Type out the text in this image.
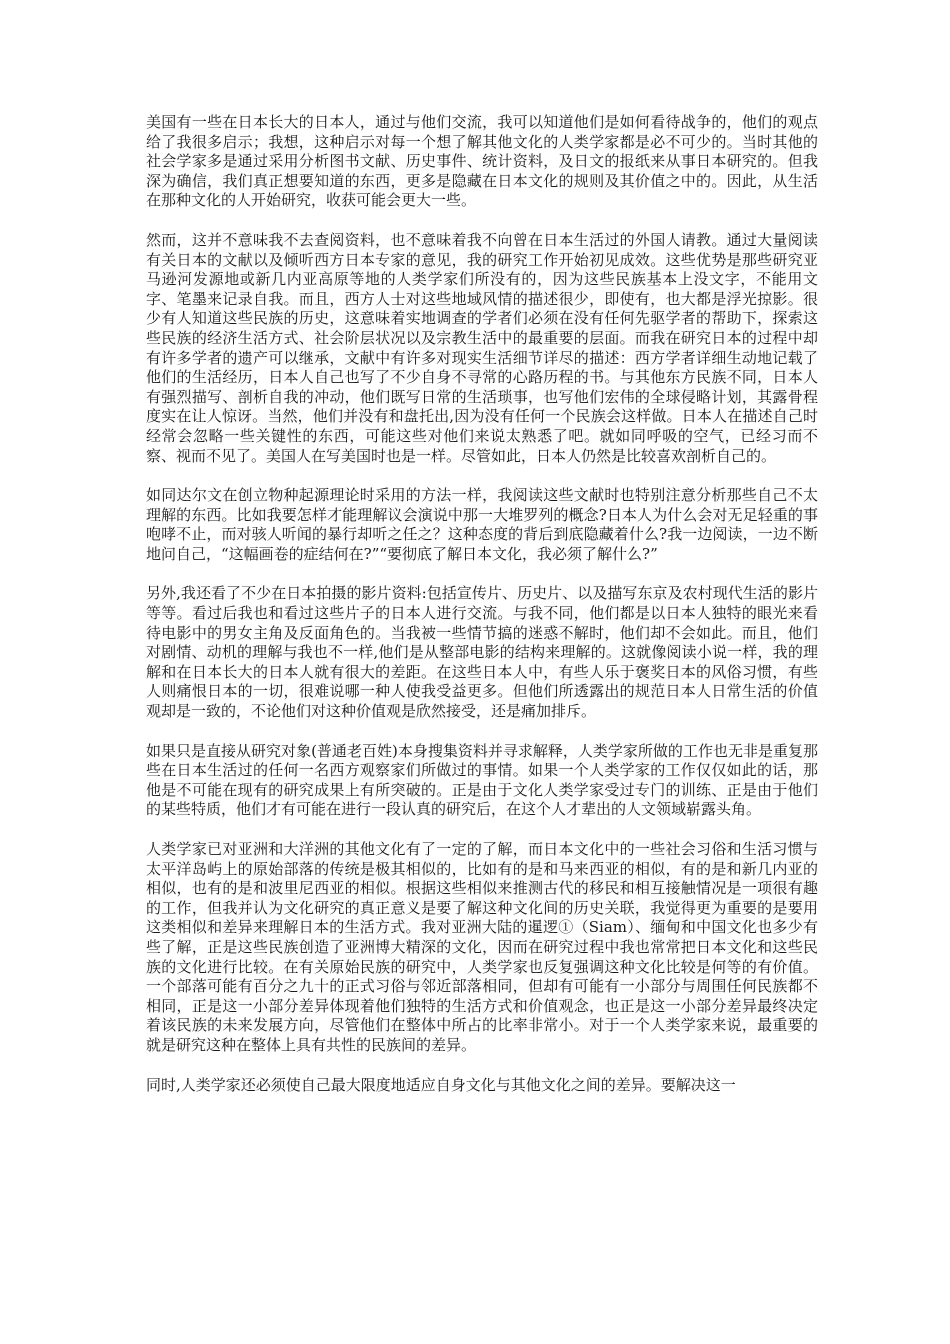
美国有一些在日本长大的日本人，通过与他们交流，我可以知道他们是如何看待战争的，他们的观点给了我很多启示；我想，这种启示对每一个想了解其他文化的人类学家都是必不可少的。当时其他的社会学家多是通过采用分析图书文献、历史事件、统计资料，及日文的报纸来从事日本研究的。但我深为确信，我们真正想要知道的东西，更多是隐藏在日本文化的规则及其价值之中的。因此，从生活在那种文化的人开始研究，收获可能会更大一些。

然而，这并不意味我不去查阅资料，也不意味着我不向曾在日本生活过的外国人请教。通过大量阅读有关日本的文献以及倾听西方日本专家的意见，我的研究工作开始初见成效。这些优势是那些研究亚马逊河发源地或新几内亚高原等地的人类学家们所没有的，因为这些民族基本上没文字，不能用文字、笔墨来记录自我。而且，西方人士对这些地域风情的描述很少，即使有，也大都是浮光掠影。很少有人知道这些民族的历史，这意味着实地调查的学者们必须在没有任何先驱学者的帮助下，探索这些民族的经济生活方式、社会阶层状况以及宗教生活中的最重要的层面。而我在研究日本的过程中却有许多学者的遗产可以继承，文献中有许多对现实生活细节详尽的描述：西方学者详细生动地记载了他们的生活经历，日本人自己也写了不少自身不寻常的心路历程的书。与其他东方民族不同，日本人有强烈描写、剖析自我的冲动，他们既写日常的生活琐事，也写他们宏伟的全球侵略计划，其露骨程度实在让人惊讶。当然，他们并没有和盘托出,因为没有任何一个民族会这样做。日本人在描述自己时经常会忽略一些关键性的东西，可能这些对他们来说太熟悉了吧。就如同呼吸的空气，已经习而不察、视而不见了。美国人在写美国时也是一样。尽管如此，日本人仍然是比较喜欢剖析自己的。

如同达尔文在创立物种起源理论时采用的方法一样，我阅读这些文献时也特别注意分析那些自己不太理解的东西。比如我要怎样才能理解议会演说中那一大堆罗列的概念?日本人为什么会对无足轻重的事咆哮不止，而对骇人听闻的暴行却听之任之？这种态度的背后到底隐藏着什么?我一边阅读，一边不断地问自己，“这幅画卷的症结何在?”“要彻底了解日本文化，我必须了解什么?”

另外,我还看了不少在日本拍摄的影片资料:包括宣传片、历史片、以及描写东京及农村现代生活的影片等等。看过后我也和看过这些片子的日本人进行交流。与我不同，他们都是以日本人独特的眼光来看待电影中的男女主角及反面角色的。当我被一些情节搞的迷惑不解时，他们却不会如此。而且，他们对剧情、动机的理解与我也不一样,他们是从整部电影的结构来理解的。这就像阅读小说一样，我的理解和在日本长大的日本人就有很大的差距。在这些日本人中，有些人乐于褒奖日本的风俗习惯，有些人则痛恨日本的一切，很难说哪一种人使我受益更多。但他们所透露出的规范日本人日常生活的价值观却是一致的，不论他们对这种价值观是欣然接受，还是痛加排斥。

如果只是直接从研究对象(普通老百姓)本身搜集资料并寻求解释，人类学家所做的工作也无非是重复那些在日本生活过的任何一名西方观察家们所做过的事情。如果一个人类学家的工作仅仅如此的话，那他是不可能在现有的研究成果上有所突破的。正是由于文化人类学家受过专门的训练、正是由于他们的某些特质，他们才有可能在进行一段认真的研究后，在这个人才辈出的人文领域崭露头角。

人类学家已对亚洲和大洋洲的其他文化有了一定的了解，而日本文化中的一些社会习俗和生活习惯与太平洋岛屿上的原始部落的传统是极其相似的，比如有的是和马来西亚的相似，有的是和新几内亚的相似，也有的是和波里尼西亚的相似。根据这些相似来推测古代的移民和相互接触情况是一项很有趣的工作，但我并认为文化研究的真正意义是要了解这种文化间的历史关联，我觉得更为重要的是要用这类相似和差异来理解日本的生活方式。我对亚洲大陆的暹逻①（Siam）、缅甸和中国文化也多少有些了解，正是这些民族创造了亚洲博大精深的文化，因而在研究过程中我也常常把日本文化和这些民族的文化进行比较。在有关原始民族的研究中，人类学家也反复强调这种文化比较是何等的有价值。一个部落可能有百分之九十的正式习俗与邻近部落相同，但却有可能有一小部分与周围任何民族都不相同，正是这一小部分差异体现着他们独特的生活方式和价值观念，也正是这一小部分差异最终决定着该民族的未来发展方向，尽管他们在整体中所占的比率非常小。对于一个人类学家来说，最重要的就是研究这种在整体上具有共性的民族间的差异。

同时,人类学家还必须使自己最大限度地适应自身文化与其他文化之间的差异。要解决这一
